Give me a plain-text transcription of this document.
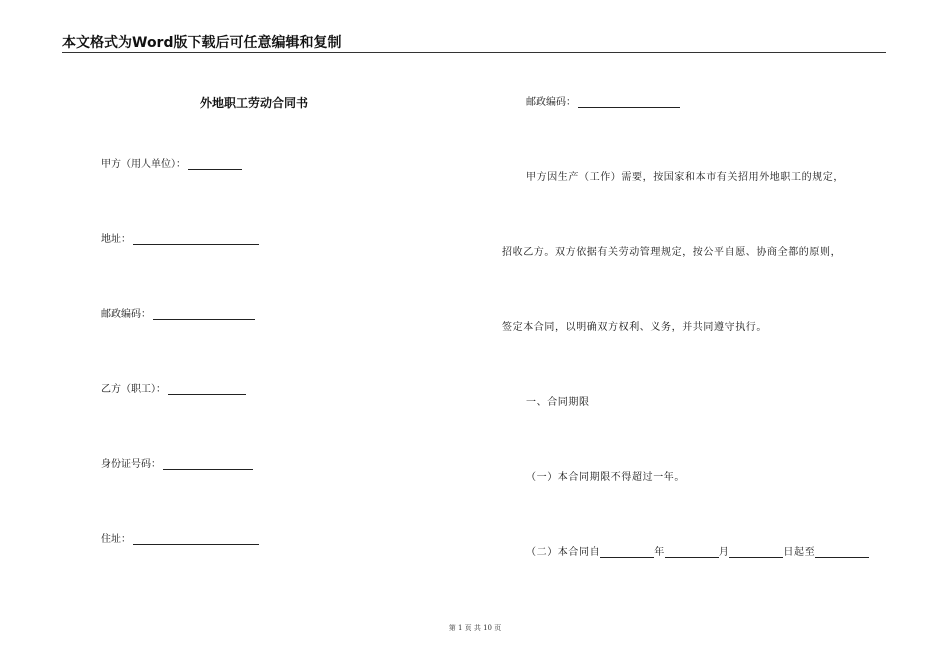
本文格式为Word版下载后可任意编辑和复制
外地职工劳动合同书
甲方（用人单位）：
地址：
邮政编码：
乙方（职工）：
身份证号码：
住址：
邮政编码：
甲方因生产（工作）需要，按国家和本市有关招用外地职工的规定，
招收乙方。双方依据有关劳动管理规定，按公平自愿、协商全都的原则，
签定本合同，以明确双方权利、义务，并共同遵守执行。
一、合同期限
（一）本合同期限不得超过一年。
（二）本合同自	年	月	日起至
第 1 页 共 10 页
